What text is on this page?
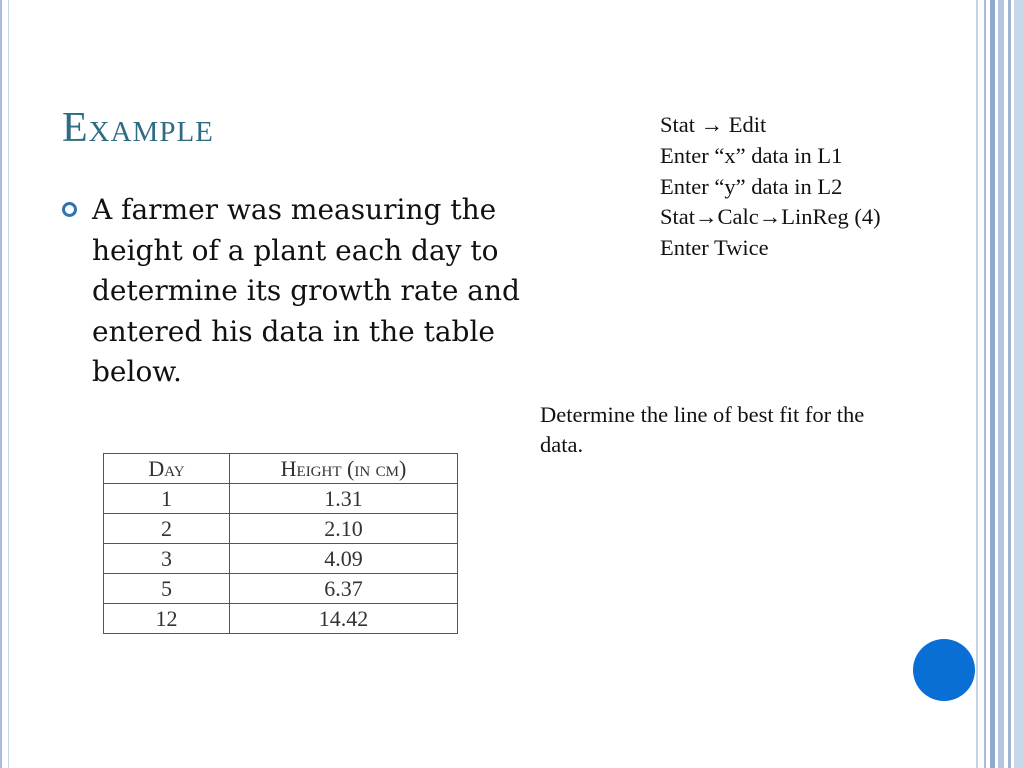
Example

A farmer was measuring the height of a plant each day to determine its growth rate and entered his data in the table below.

Stat → Edit
Enter “x” data in L1
Enter “y” data in L2
Stat→Calc→LinReg (4)
Enter Twice

Determine the line of best fit for the data.

Day	Height (in cm)
1	1.31
2	2.10
3	4.09
5	6.37
12	14.42
